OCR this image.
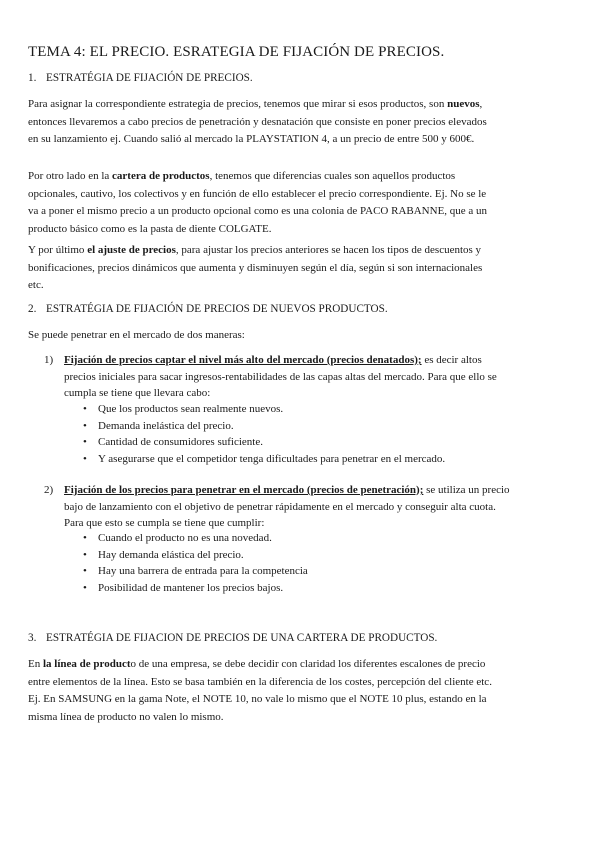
TEMA 4: EL PRECIO. ESRATEGIA DE FIJACIÓN DE PRECIOS.
1. ESTRATÉGIA DE FIJACIÓN DE PRECIOS.
Para asignar la correspondiente estrategia de precios, tenemos que mirar si esos productos, son nuevos, entonces llevaremos a cabo precios de penetración y desnatación que consiste en poner precios elevados en su lanzamiento ej. Cuando salió al mercado la PLAYSTATION 4, a un precio de entre 500 y 600€.
Por otro lado en la cartera de productos, tenemos que diferencias cuales son aquellos productos opcionales, cautivo, los colectivos y en función de ello establecer el precio correspondiente. Ej. No se le va a poner el mismo precio a un producto opcional como es una colonia de PACO RABANNE, que a un producto básico como es la pasta de diente COLGATE.
Y por último el ajuste de precios, para ajustar los precios anteriores se hacen los tipos de descuentos y bonificaciones, precios dinámicos que aumenta y disminuyen según el día, según si son internacionales etc.
2. ESTRATÉGIA DE FIJACIÓN DE PRECIOS DE NUEVOS PRODUCTOS.
Se puede penetrar en el mercado de dos maneras:
1) Fijación de precios captar el nivel más alto del mercado (precios denatados); es decir altos precios iniciales para sacar ingresos-rentabilidades de las capas altas del mercado. Para que ello se cumpla se tiene que llevara cabo:
• Que los productos sean realmente nuevos.
• Demanda inelástica del precio.
• Cantidad de consumidores suficiente.
• Y asegurarse que el competidor tenga dificultades para penetrar en el mercado.
2) Fijación de los precios para penetrar en el mercado (precios de penetración); se utiliza un precio bajo de lanzamiento con el objetivo de penetrar rápidamente en el mercado y conseguir alta cuota. Para que esto se cumpla se tiene que cumplir:
• Cuando el producto no es una novedad.
• Hay demanda elástica del precio.
• Hay una barrera de entrada para la competencia
• Posibilidad de mantener los precios bajos.
3. ESTRATÉGIA DE FIJACION DE PRECIOS DE UNA CARTERA DE PRODUCTOS.
En la línea de producto de una empresa, se debe decidir con claridad los diferentes escalones de precio entre elementos de la línea. Esto se basa también en la diferencia de los costes, percepción del cliente etc. Ej. En SAMSUNG en la gama Note, el NOTE 10, no vale lo mismo que el NOTE 10 plus, estando en la misma línea de producto no valen lo mismo.
